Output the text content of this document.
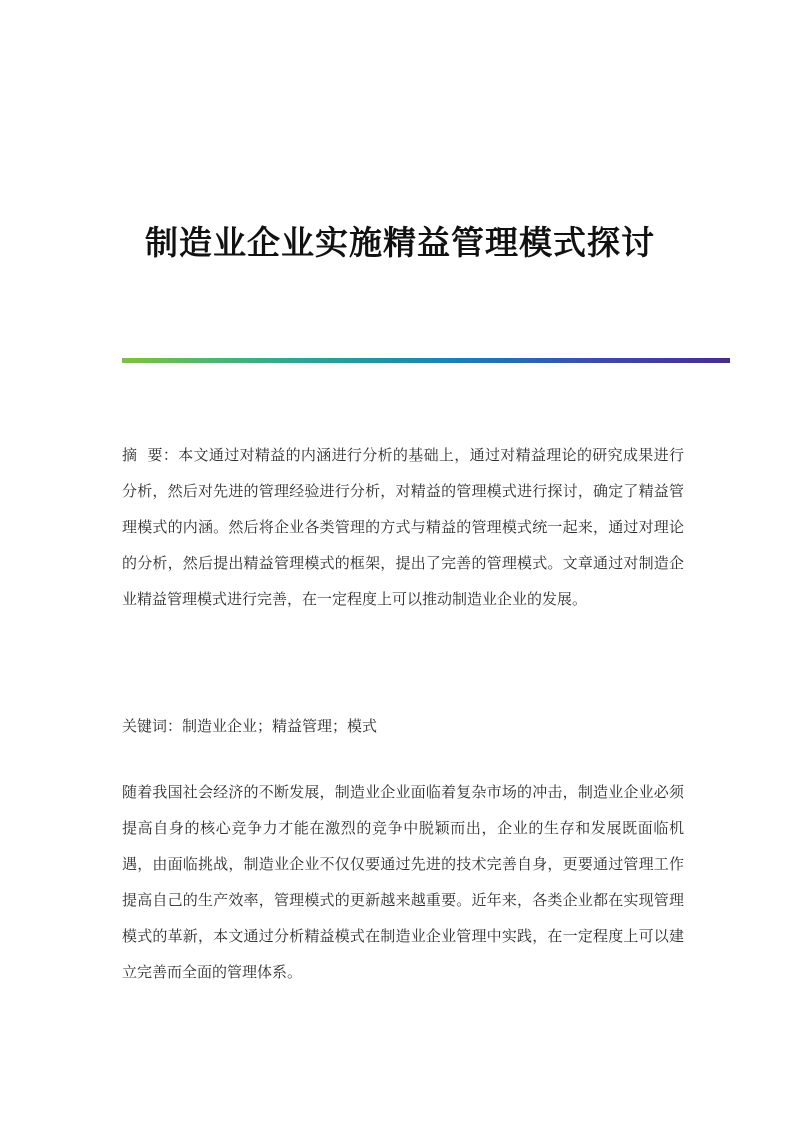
制造业企业实施精益管理模式探讨

摘  要：本文通过对精益的内涵进行分析的基础上，通过对精益理论的研究成果进行分析，然后对先进的管理经验进行分析，对精益的管理模式进行探讨，确定了精益管理模式的内涵。然后将企业各类管理的方式与精益的管理模式统一起来，通过对理论的分析，然后提出精益管理模式的框架，提出了完善的管理模式。文章通过对制造企业精益管理模式进行完善，在一定程度上可以推动制造业企业的发展。

关键词：制造业企业；精益管理；模式

随着我国社会经济的不断发展，制造业企业面临着复杂市场的冲击，制造业企业必须提高自身的核心竞争力才能在激烈的竞争中脱颖而出，企业的生存和发展既面临机遇，由面临挑战，制造业企业不仅仅要通过先进的技术完善自身，更要通过管理工作提高自己的生产效率，管理模式的更新越来越重要。近年来，各类企业都在实现管理模式的革新，本文通过分析精益模式在制造业企业管理中实践，在一定程度上可以建立完善而全面的管理体系。
